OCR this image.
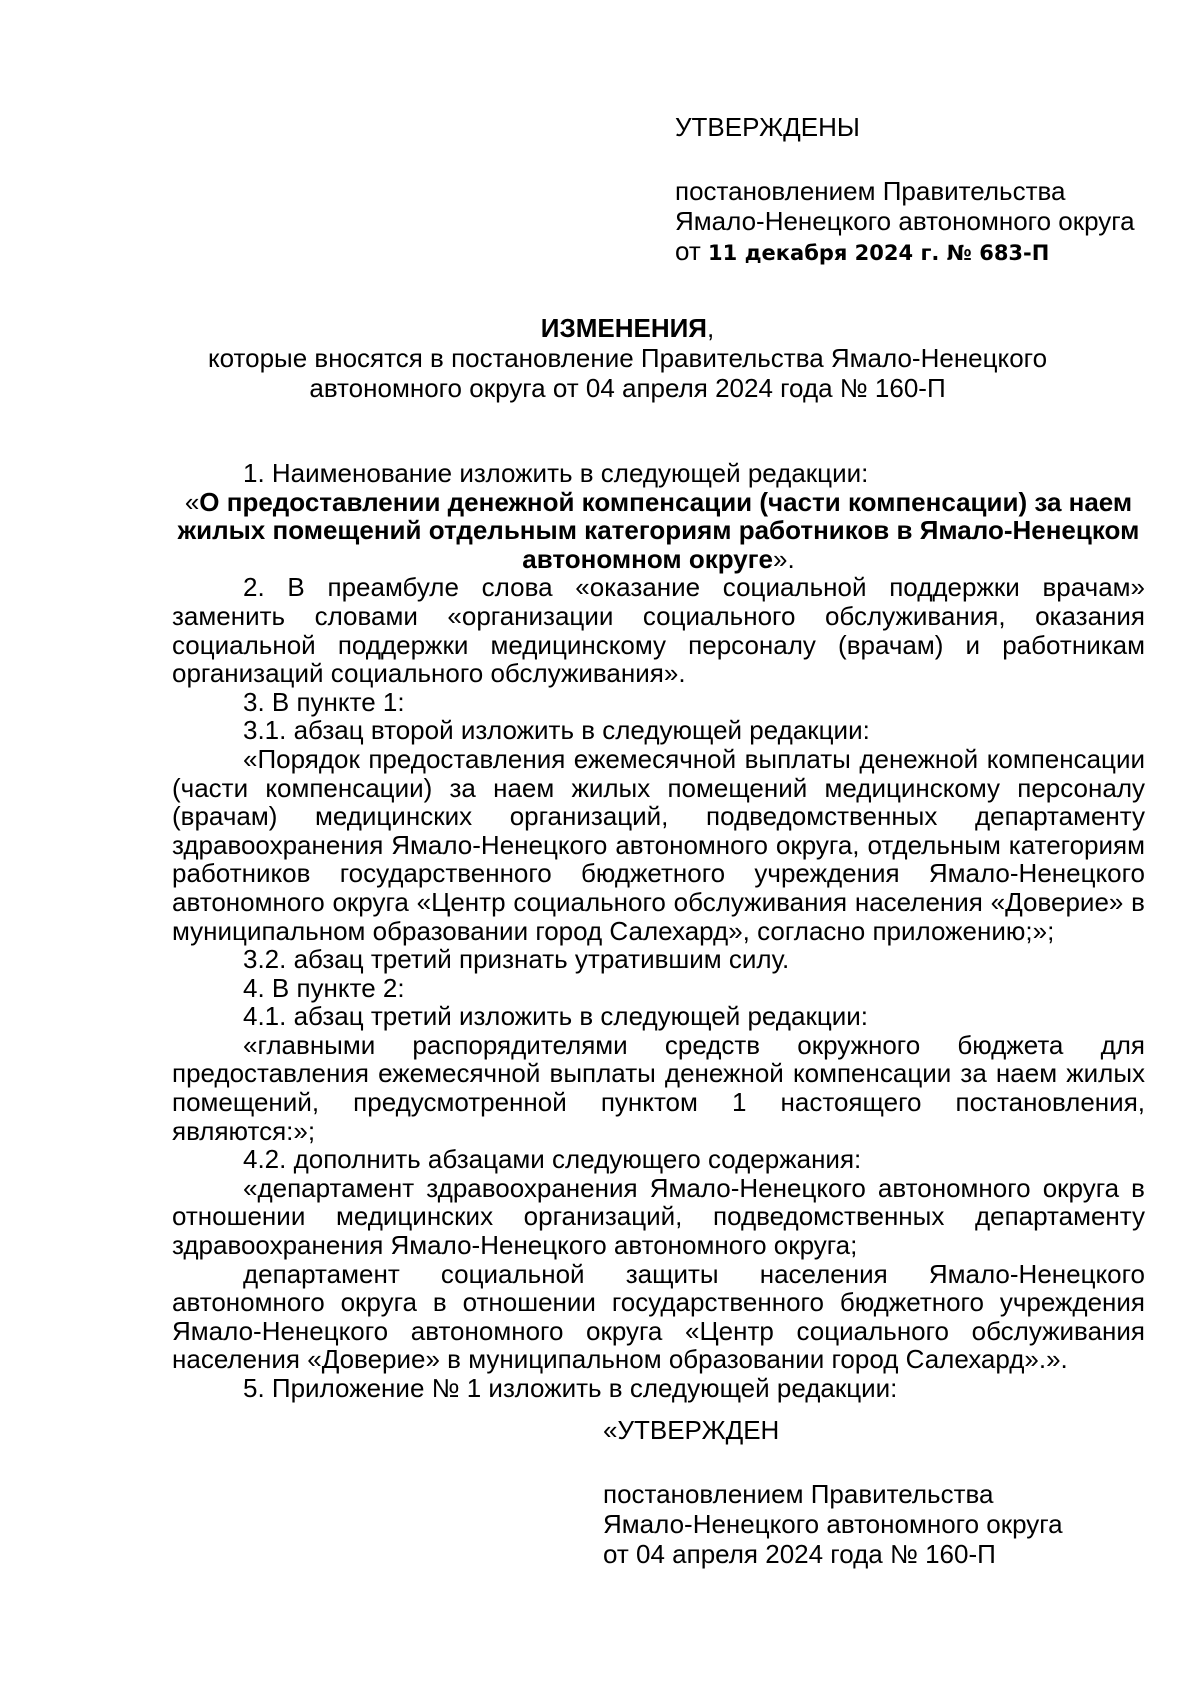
УТВЕРЖДЕНЫ
постановлением Правительства
Ямало-Ненецкого автономного округа
от 11 декабря 2024 г. № 683-П
ИЗМЕНЕНИЯ,
которые вносятся в постановление Правительства Ямало-Ненецкого автономного округа от 04 апреля 2024 года № 160-П

1. Наименование изложить в следующей редакции:

«О предоставлении денежной компенсации (части компенсации) за наем жилых помещений отдельным категориям работников в Ямало-Ненецком автономном округе».

2. В преамбуле слова «оказание социальной поддержки врачам» заменить словами «организации социального обслуживания, оказания социальной поддержки медицинскому персоналу (врачам) и работникам организаций социального обслуживания».

3. В пункте 1:

3.1. абзац второй изложить в следующей редакции:

«Порядок предоставления ежемесячной выплаты денежной компенсации (части компенсации) за наем жилых помещений медицинскому персоналу (врачам) медицинских организаций, подведомственных департаменту здравоохранения Ямало-Ненецкого автономного округа, отдельным категориям работников государственного бюджетного учреждения Ямало-Ненецкого автономного округа «Центр социального обслуживания населения «Доверие» в муниципальном образовании город Салехард», согласно приложению;»;

3.2. абзац третий признать утратившим силу.

4. В пункте 2:

4.1. абзац третий изложить в следующей редакции:

«главными распорядителями средств окружного бюджета для предоставления ежемесячной выплаты денежной компенсации за наем жилых помещений, предусмотренной пунктом 1 настоящего постановления, являются:»;

4.2. дополнить абзацами следующего содержания:

«департамент здравоохранения Ямало-Ненецкого автономного округа в отношении медицинских организаций, подведомственных департаменту здравоохранения Ямало-Ненецкого автономного округа;

департамент социальной защиты населения Ямало-Ненецкого автономного округа в отношении государственного бюджетного учреждения Ямало-Ненецкого автономного округа «Центр социального обслуживания населения «Доверие» в муниципальном образовании город Салехард».».

5. Приложение № 1 изложить в следующей редакции:

«УТВЕРЖДЕН
постановлением Правительства
Ямало-Ненецкого автономного округа
от 04 апреля 2024 года № 160-П
